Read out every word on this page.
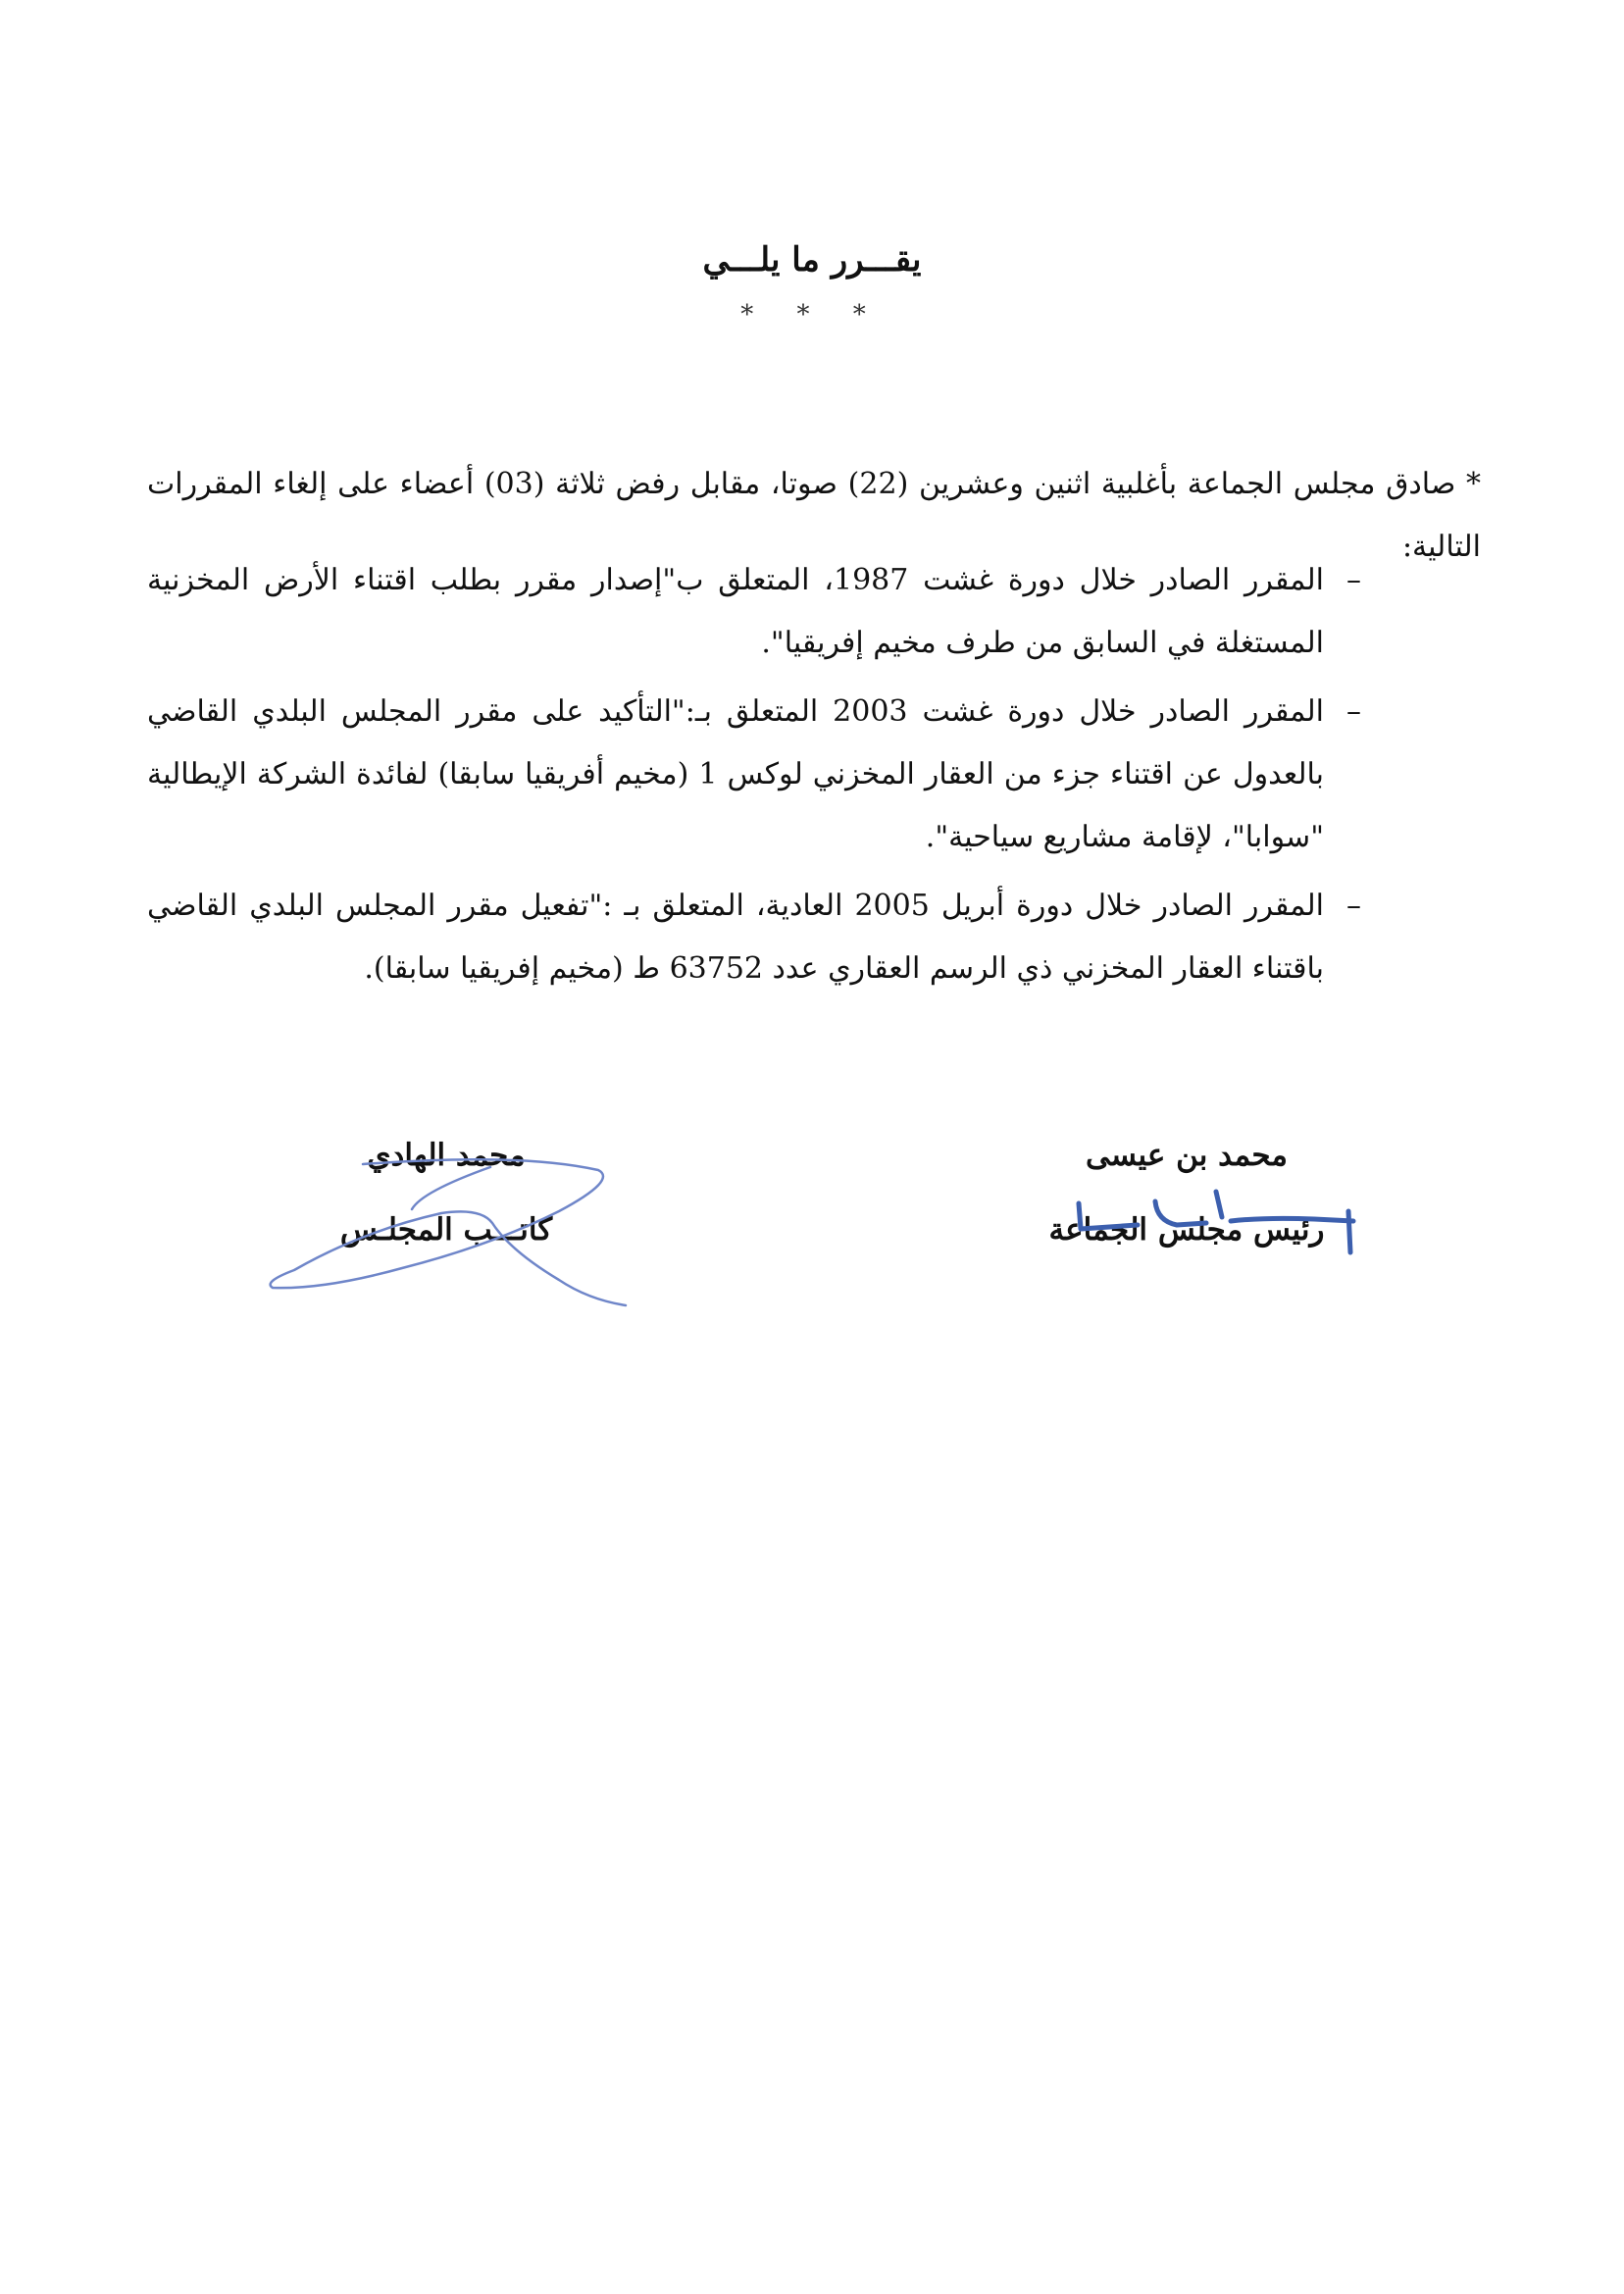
يقـــرر ما يلـــي
* * *

* صادق مجلس الجماعة بأغلبية اثنين وعشرين (22) صوتا، مقابل رفض ثلاثة (03) أعضاء على إلغاء المقررات التالية:

–
المقرر الصادر خلال دورة غشت 1987، المتعلق ب"إصدار مقرر بطلب اقتناء الأرض المخزنية المستغلة في السابق من طرف مخيم إفريقيا".
–
المقرر الصادر خلال دورة غشت 2003 المتعلق بـ:"التأكيد على مقرر المجلس البلدي القاضي بالعدول عن اقتناء جزء من العقار المخزني لوكس 1 (مخيم أفريقيا سابقا) لفائدة الشركة الإيطالية "سوابا"، لإقامة مشاريع سياحية".
–
المقرر الصادر خلال دورة أبريل 2005 العادية، المتعلق بـ :"تفعيل مقرر المجلس البلدي القاضي باقتناء العقار المخزني ذي الرسم العقاري عدد 63752 ط (مخيم إفريقيا سابقا).
محمد بن عيسى
رئيس مجلس الجماعة
محمد الهادي
كاتـــب المجلـس
